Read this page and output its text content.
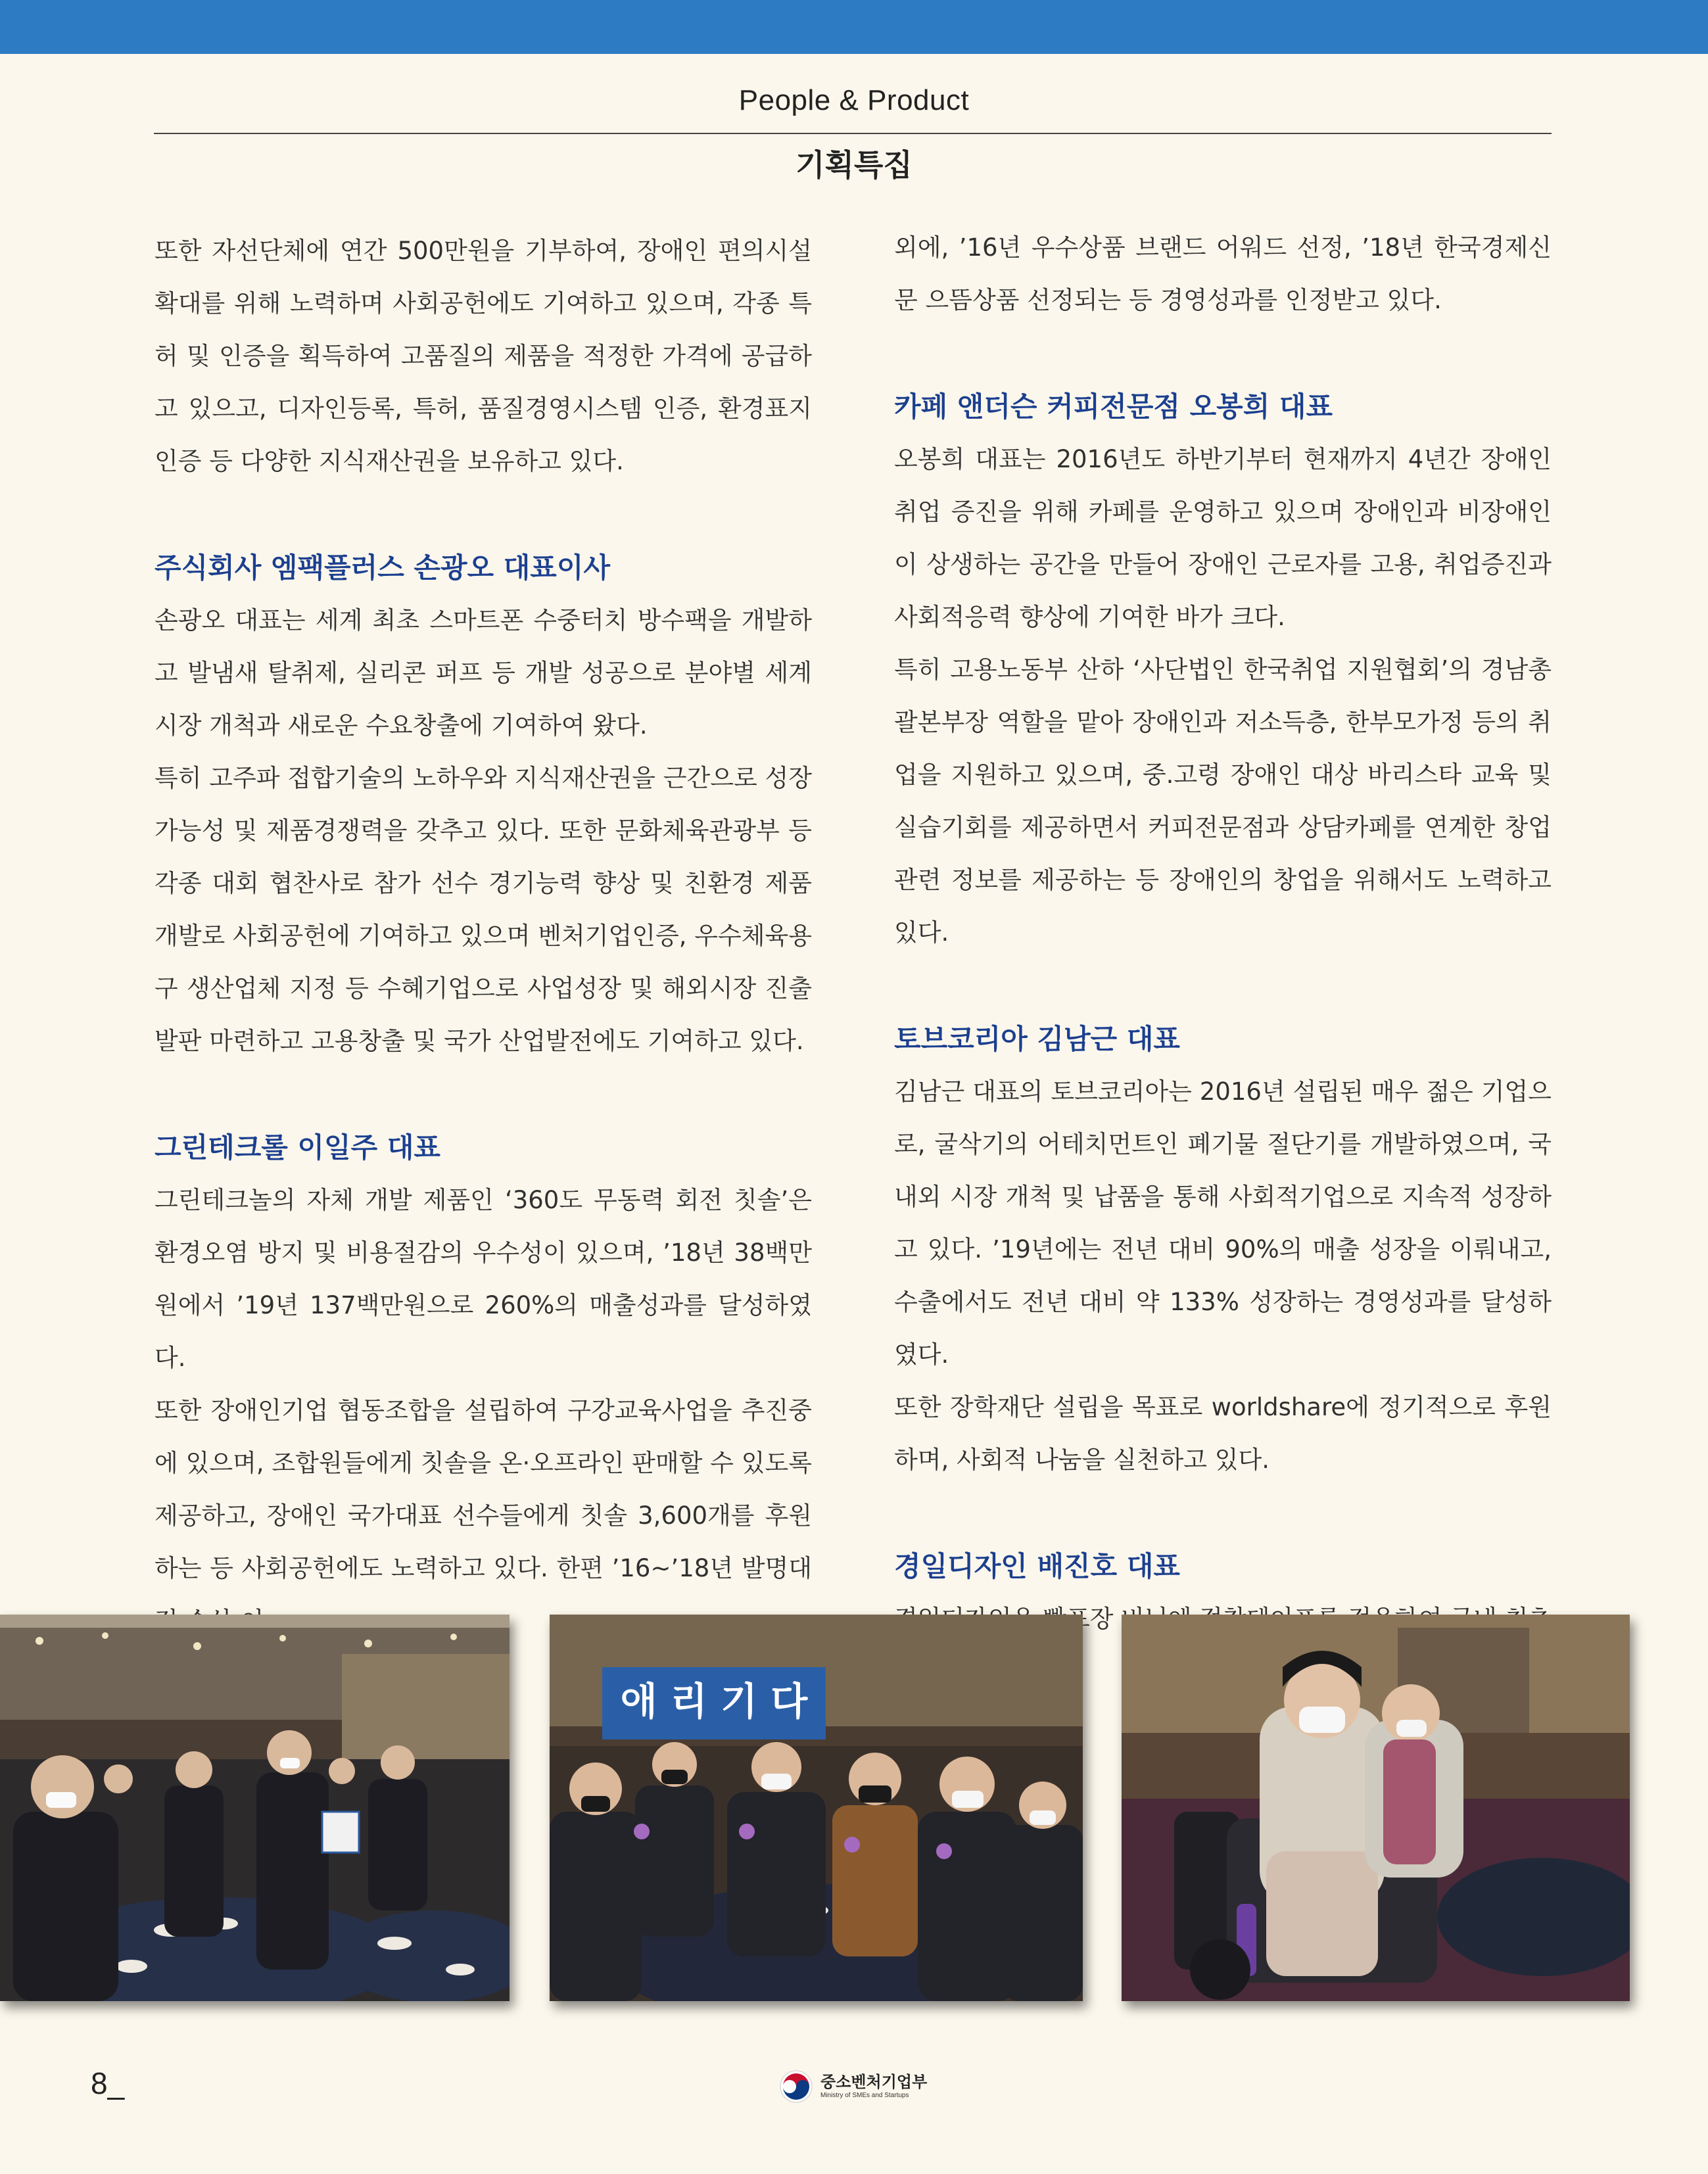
People & Product
기획특집

또한 자선단체에 연간 500만원을 기부하여, 장애인 편의시설 확대를 위해 노력하며 사회공헌에도 기여하고 있으며, 각종 특허 및 인증을 획득하여 고품질의 제품을 적정한 가격에 공급하고 있으고, 디자인등록, 특허, 품질경영시스템 인증, 환경표지 인증 등 다양한 지식재산권을 보유하고 있다.

주식회사 엠팩플러스 손광오 대표이사

손광오 대표는 세계 최초 스마트폰 수중터치 방수팩을 개발하고 발냄새 탈취제, 실리콘 퍼프 등 개발 성공으로 분야별 세계시장 개척과 새로운 수요창출에 기여하여 왔다.

특히 고주파 접합기술의 노하우와 지식재산권을 근간으로 성장가능성 및 제품경쟁력을 갖추고 있다. 또한 문화체육관광부 등 각종 대회 협찬사로 참가 선수 경기능력 향상 및 친환경 제품 개발로 사회공헌에 기여하고 있으며 벤처기업인증, 우수체육용구 생산업체 지정 등 수혜기업으로 사업성장 및 해외시장 진출발판 마련하고 고용창출 및 국가 산업발전에도 기여하고 있다.

그린테크롤 이일주 대표

그린테크놀의 자체 개발 제품인 ‘360도 무동력 회전 칫솔’은 환경오염 방지 및 비용절감의 우수성이 있으며, ’18년 38백만원에서 ’19년 137백만원으로 260%의 매출성과를 달성하였다.

또한 장애인기업 협동조합을 설립하여 구강교육사업을 추진중에 있으며, 조합원들에게 칫솔을 온·오프라인 판매할 수 있도록 제공하고, 장애인 국가대표 선수들에게 칫솔 3,600개를 후원하는 등 사회공헌에도 노력하고 있다. 한편 ’16~’18년 발명대

외에, ’16년 우수상품 브랜드 어워드 선정, ’18년 한국경제신문 으뜸상품 선정되는 등 경영성과를 인정받고 있다.

카페 앤더슨 커피전문점 오봉희 대표

오봉희 대표는 2016년도 하반기부터 현재까지 4년간 장애인 취업 증진을 위해 카페를 운영하고 있으며 장애인과 비장애인이 상생하는 공간을 만들어 장애인 근로자를 고용, 취업증진과 사회적응력 향상에 기여한 바가 크다.

특히 고용노동부 산하 ‘사단법인 한국취업 지원협회’의 경남총괄본부장 역할을 맡아 장애인과 저소득층, 한부모가정 등의 취업을 지원하고 있으며, 중.고령 장애인 대상 바리스타 교육 및 실습기회를 제공하면서 커피전문점과 상담카페를 연계한 창업 관련 정보를 제공하는 등 장애인의 창업을 위해서도 노력하고 있다.

토브코리아 김남근 대표

김남근 대표의 토브코리아는 2016년 설립된 매우 젊은 기업으로, 굴삭기의 어테치먼트인 폐기물 절단기를 개발하였으며, 국내외 시장 개척 및 납품을 통해 사회적기업으로 지속적 성장하고 있다. ’19년에는 전년 대비 90%의 매출 성장을 이뤄내고, 수출에서도 전년 대비 약 133% 성장하는 경영성과를 달성하였다.

또한 장학재단 설립을 목표로 worldshare에 정기적으로 후원하며, 사회적 나눔을 실천하고 있다.

경일디자인 배진호 대표

애 리 기 다
8_	중소벤처기업부
Ministry of SMEs and Startups
